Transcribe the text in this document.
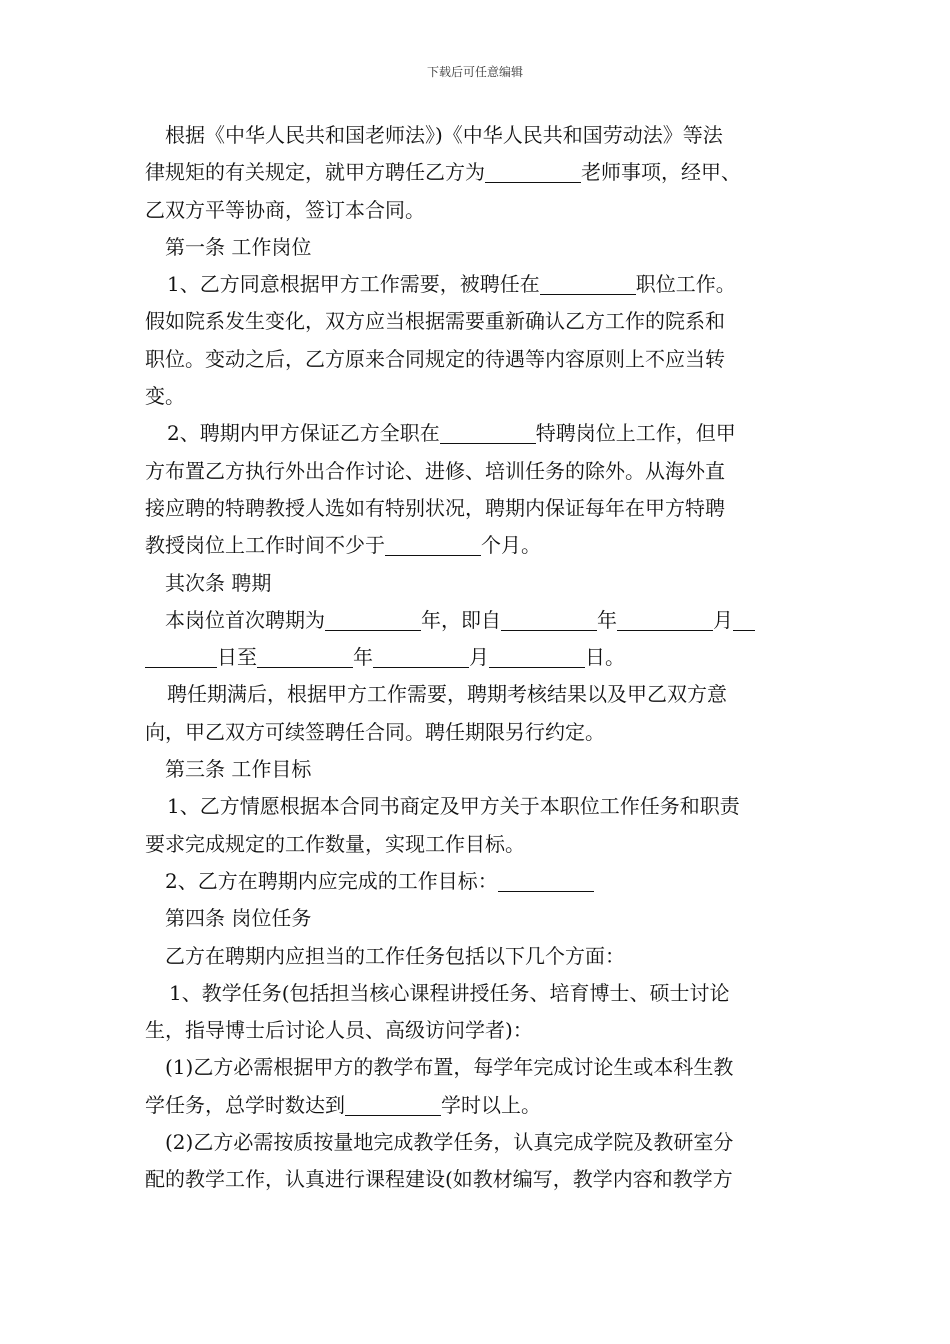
下载后可任意编辑
根据《中华人民共和国老师法》)《中华人民共和国劳动法》等法
律规矩的有关规定，就甲方聘任乙方为	老师事项，经甲、
乙双方平等协商，签订本合同。
第一条 工作岗位
1、乙方同意根据甲方工作需要，被聘任在	职位工作。
假如院系发生变化，双方应当根据需要重新确认乙方工作的院系和
职位。变动之后，乙方原来合同规定的待遇等内容原则上不应当转
变。
2、聘期内甲方保证乙方全职在	特聘岗位上工作，但甲
方布置乙方执行外出合作讨论、进修、培训任务的除外。从海外直
接应聘的特聘教授人选如有特别状况，聘期内保证每年在甲方特聘
教授岗位上工作时间不少于	个月。
其次条 聘期
本岗位首次聘期为	年，即自	年	月
日至	年	月	日。
聘任期满后，根据甲方工作需要，聘期考核结果以及甲乙双方意
向，甲乙双方可续签聘任合同。聘任期限另行约定。
第三条 工作目标
1、乙方情愿根据本合同书商定及甲方关于本职位工作任务和职责
要求完成规定的工作数量，实现工作目标。
2、乙方在聘期内应完成的工作目标：
第四条 岗位任务
乙方在聘期内应担当的工作任务包括以下几个方面：
1、教学任务(包括担当核心课程讲授任务、培育博士、硕士讨论
生，指导博士后讨论人员、高级访问学者)：
(1)乙方必需根据甲方的教学布置，每学年完成讨论生或本科生教
学任务，总学时数达到	学时以上。
(2)乙方必需按质按量地完成教学任务，认真完成学院及教研室分
配的教学工作，认真进行课程建设(如教材编写，教学内容和教学方
